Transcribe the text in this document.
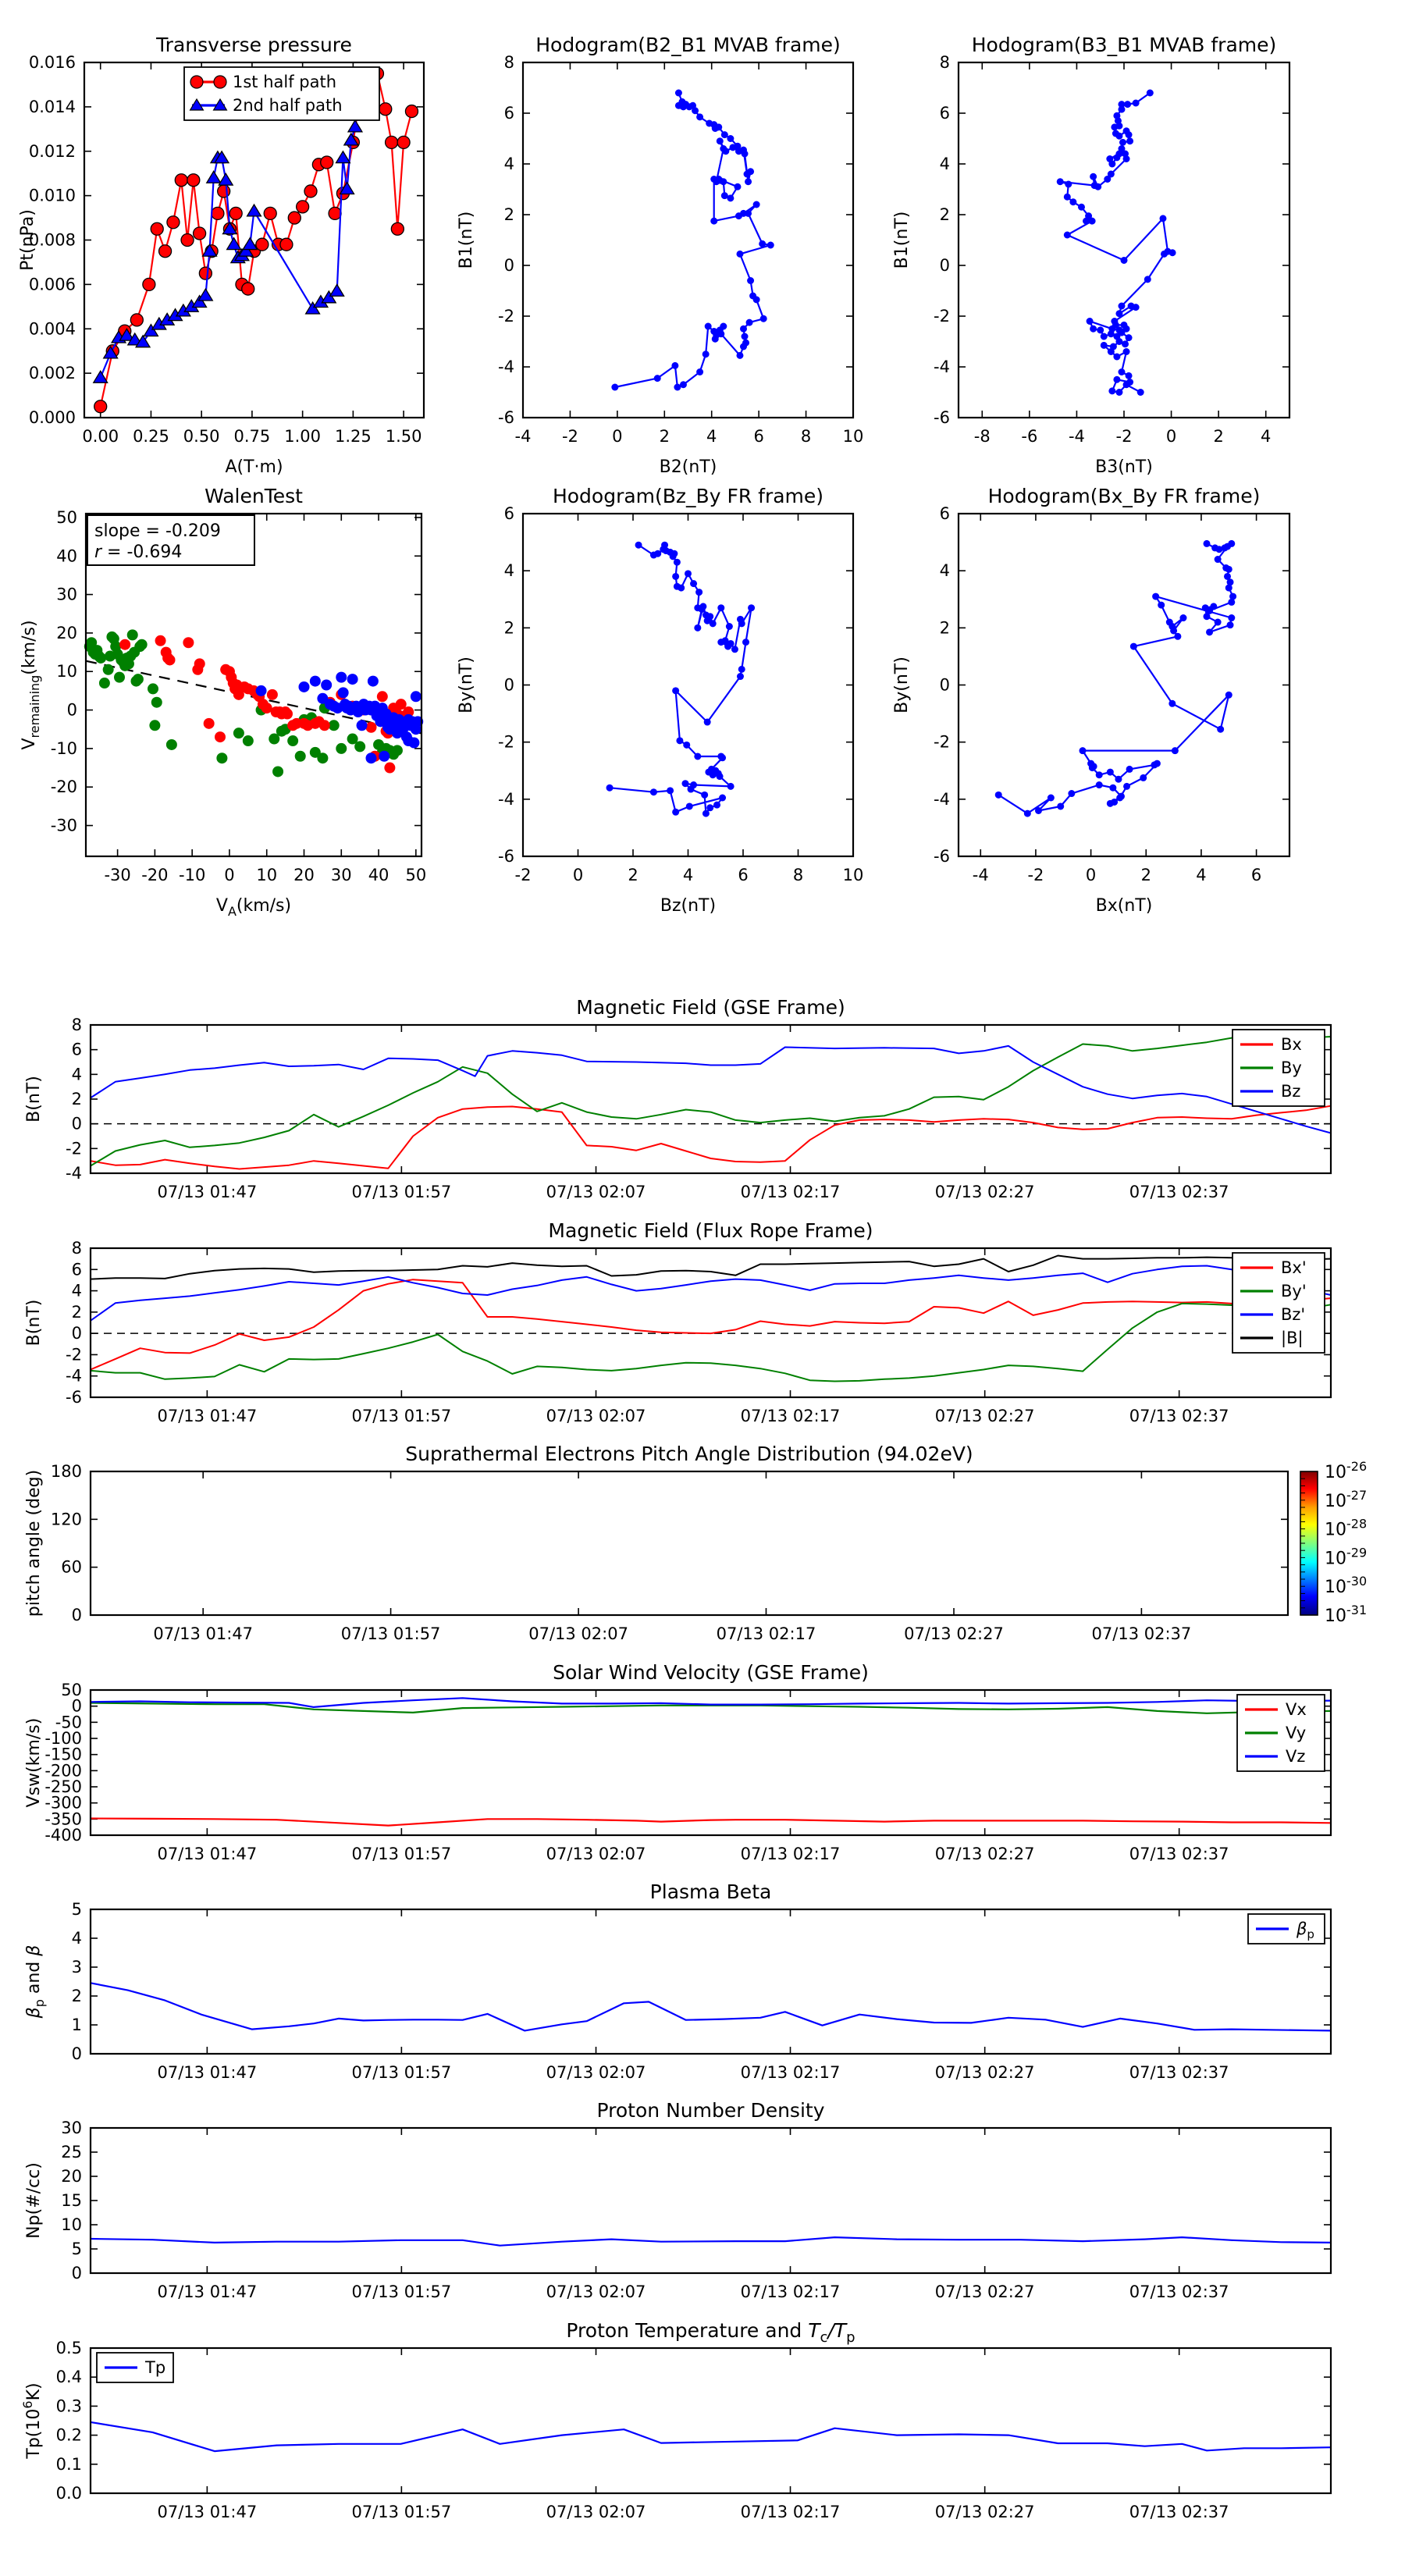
Transverse pressure
0.00 0.25 0.50 0.75 1.00 1.25 1.50
0.000
0.002
0.004
0.006
0.008
0.010
0.012
0.014
0.016
1st half path
2nd half path
A(T·m)
Pt(nPa)
Hodogram(B2_B1 MVAB frame)
-4 -2 0 2 4 6 8 10
-6
-4
-2
0
2
4
6
8
B2(nT)
B1(nT)
Hodogram(B3_B1 MVAB frame)
-8 -6 -4 -2 0 2 4
-6
-4
-2
0
2
4
6
8
B3(nT)
B1(nT)
WalenTest
-30 -20 -10 0 10 20 30 40 50
-30
-20
-10
0
10
20
30
40
50
slope = -0.209
r = -0.694
$V_A(km/s)$
$V_{remaining}(km/s)$
Hodogram(Bz_By FR frame)
-2	0	2	4	6	8 10
-6
-4
-2
0
2
4
6
Bz(nT)
By(nT)
Hodogram(Bx_By FR frame)
-4 -2	0	2	4	6
-6
-4
-2
0
2
4
6
Bx(nT)
By(nT)
Magnetic Field (GSE Frame)
07/13 01:47	07/13 01:57	07/13 02:07	07/13 02:17	07/13 02:27	07/13 02:37
-4
-2
0
2
4
6
8
Bx
By
Bz
B(nT)
Magnetic Field (Flux Rope Frame)
07/13 01:47	07/13 01:57	07/13 02:07	07/13 02:17	07/13 02:27	07/13 02:37
-6
-4
-2
0
2
4
6
8
Bx'
By'
Bz'
|B|
B(nT)
Suprathermal Electrons Pitch Angle Distribution (94.02eV)
07/13 01:47	07/13 01:57	07/13 02:07	07/13 02:17	07/13 02:27	07/13 02:37
0
60
120
180	$10^{-26}$
$10^{-27}$
$10^{-28}$
$10^{-29}$
$10^{-30}$
$10^{-31}$
pitch angle (deg)
Solar Wind Velocity (GSE Frame)
07/13 01:47	07/13 01:57	07/13 02:07	07/13 02:17	07/13 02:27	07/13 02:37
50
0
-50
-100
-150
-200
-250
-300
-350
-400
Vx
Vy
Vz
Vsw(km/s)
Plasma Beta
07/13 01:47	07/13 01:57	07/13 02:07	07/13 02:17	07/13 02:27	07/13 02:37
0
1
2
3
4
5
$\beta_p$
$\beta_p$ and β
Proton Number Density
07/13 01:47	07/13 01:57	07/13 02:07	07/13 02:17	07/13 02:27	07/13 02:37
0
5
10
15
20
25
30
Np(#/cc)
Proton Temperature and $T_c/T_p$
07/13 01:47	07/13 01:57	07/13 02:07	07/13 02:17	07/13 02:27	07/13 02:37
0.0
0.1
0.2
0.3
0.4
0.5
Tp
$Tp(10^6K)$
